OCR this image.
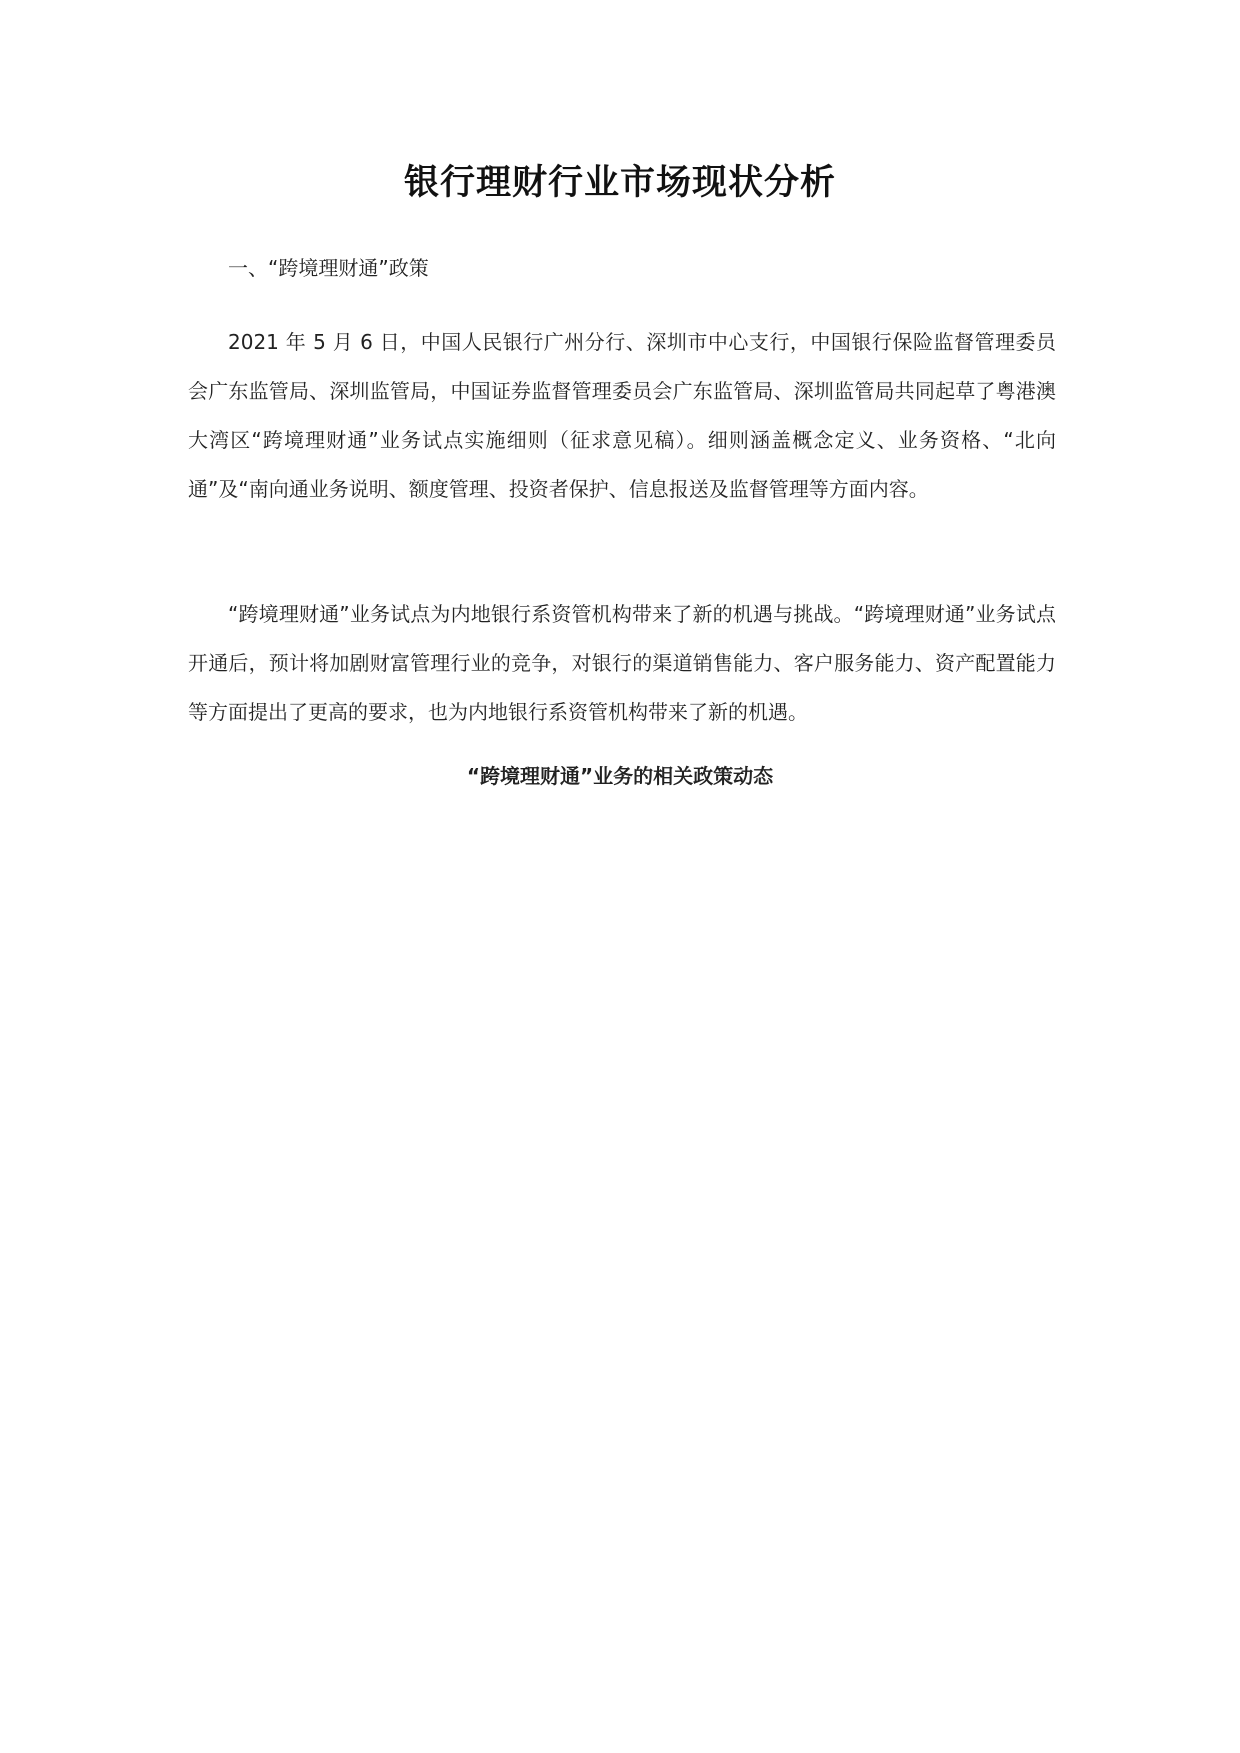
银行理财行业市场现状分析

一、“跨境理财通”政策

2021 年 5 月 6 日，中国人民银行广州分行、深圳市中心支行，中国银行保险监督管理委员会广东监管局、深圳监管局，中国证券监督管理委员会广东监管局、深圳监管局共同起草了粤港澳大湾区“跨境理财通”业务试点实施细则（征求意见稿）。细则涵盖概念定义、业务资格、“北向通”及“南向通业务说明、额度管理、投资者保护、信息报送及监督管理等方面内容。

“跨境理财通”业务试点为内地银行系资管机构带来了新的机遇与挑战。“跨境理财通”业务试点开通后，预计将加剧财富管理行业的竞争，对银行的渠道销售能力、客户服务能力、资产配置能力等方面提出了更高的要求，也为内地银行系资管机构带来了新的机遇。

“跨境理财通”业务的相关政策动态
